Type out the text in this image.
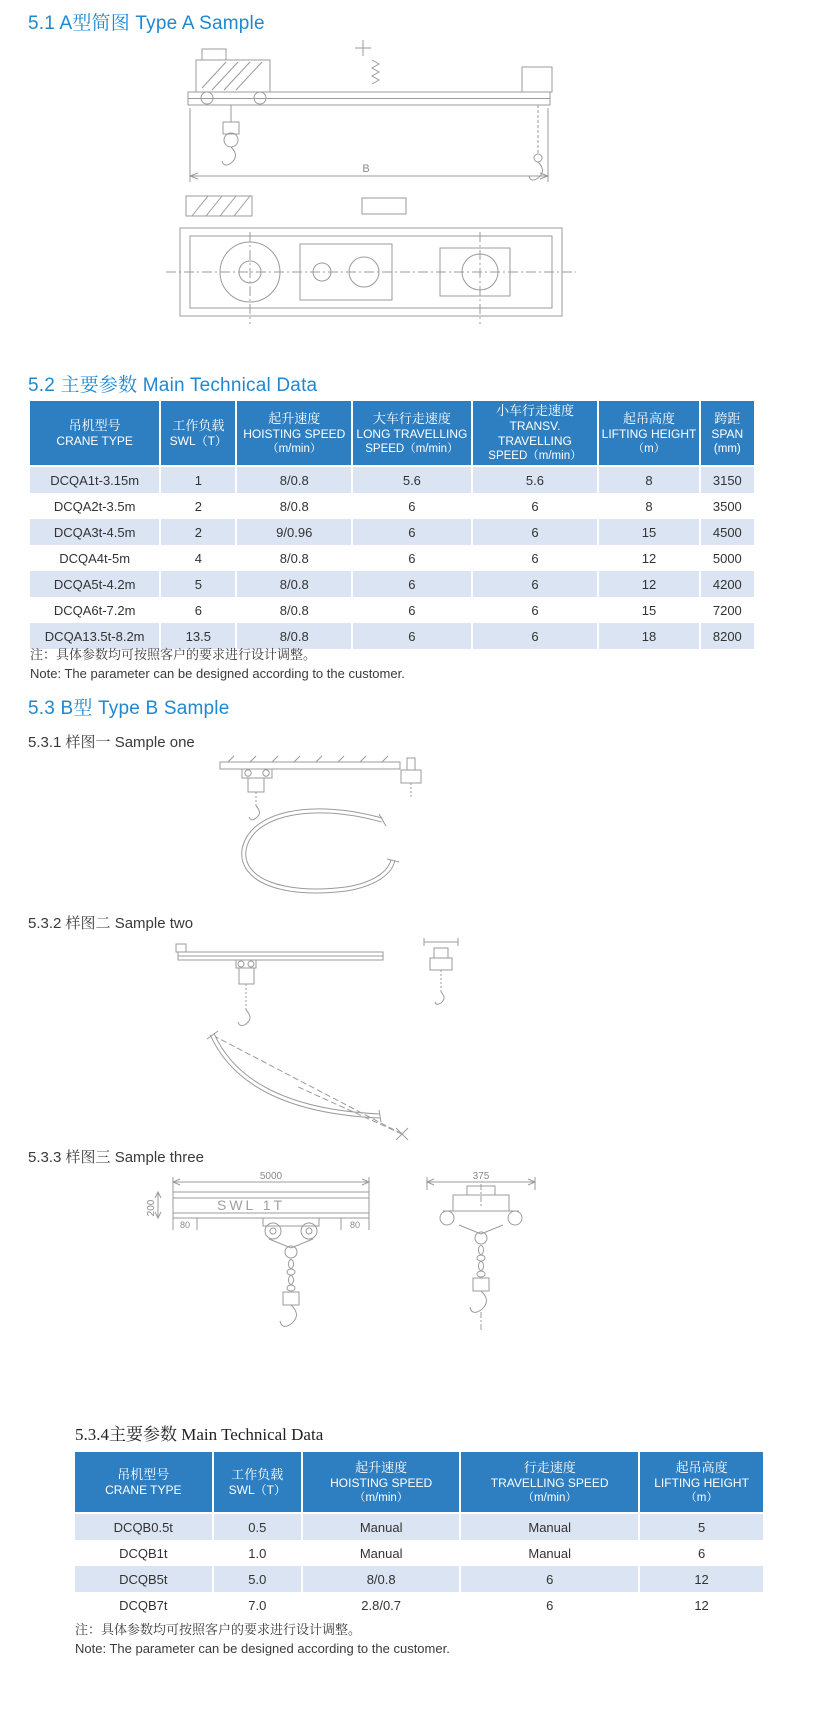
5.1 A型简图 Type A Sample
B
5.2 主要参数 Main Technical Data
吊机型号
CRANE TYPE

工作负载
SWL（T）

起升速度
HOISTING SPEED
（m/min）

大车行走速度
LONG TRAVELLING
SPEED（m/min）

小车行走速度
TRANSV. TRAVELLING
SPEED（m/min）

起吊高度
LIFTING HEIGHT
（m）

跨距
SPAN
(mm)

DCQA1t-3.15m	1	8/0.8	5.6	5.6	8	3150
DCQA2t-3.5m	2	8/0.8	6	6	8	3500
DCQA3t-4.5m	2	9/0.96	6	6	15	4500
DCQA4t-5m	4	8/0.8	6	6	12	5000
DCQA5t-4.2m	5	8/0.8	6	6	12	4200
DCQA6t-7.2m	6	8/0.8	6	6	15	7200
DCQA13.5t-8.2m	13.5	8/0.8	6	6	18	8200
注：具体参数均可按照客户的要求进行设计调整。
Note: The parameter can be designed according to the customer.
5.3 B型 Type B Sample
5.3.1 样图一 Sample one
5.3.2 样图二 Sample two
5.3.3 样图三 Sample three
5000
200	SWL 1T
80	80
375
5.3.4主要参数 Main Technical Data
吊机型号
CRANE TYPE

工作负载
SWL（T）

起升速度
HOISTING SPEED
（m/min）

行走速度
TRAVELLING SPEED
（m/min）

起吊高度
LIFTING HEIGHT
（m）

DCQB0.5t	0.5	Manual	Manual	5
DCQB1t	1.0	Manual	Manual	6
DCQB5t	5.0	8/0.8	6	12
DCQB7t	7.0	2.8/0.7	6	12
注：具体参数均可按照客户的要求进行设计调整。
Note: The parameter can be designed according to the customer.
